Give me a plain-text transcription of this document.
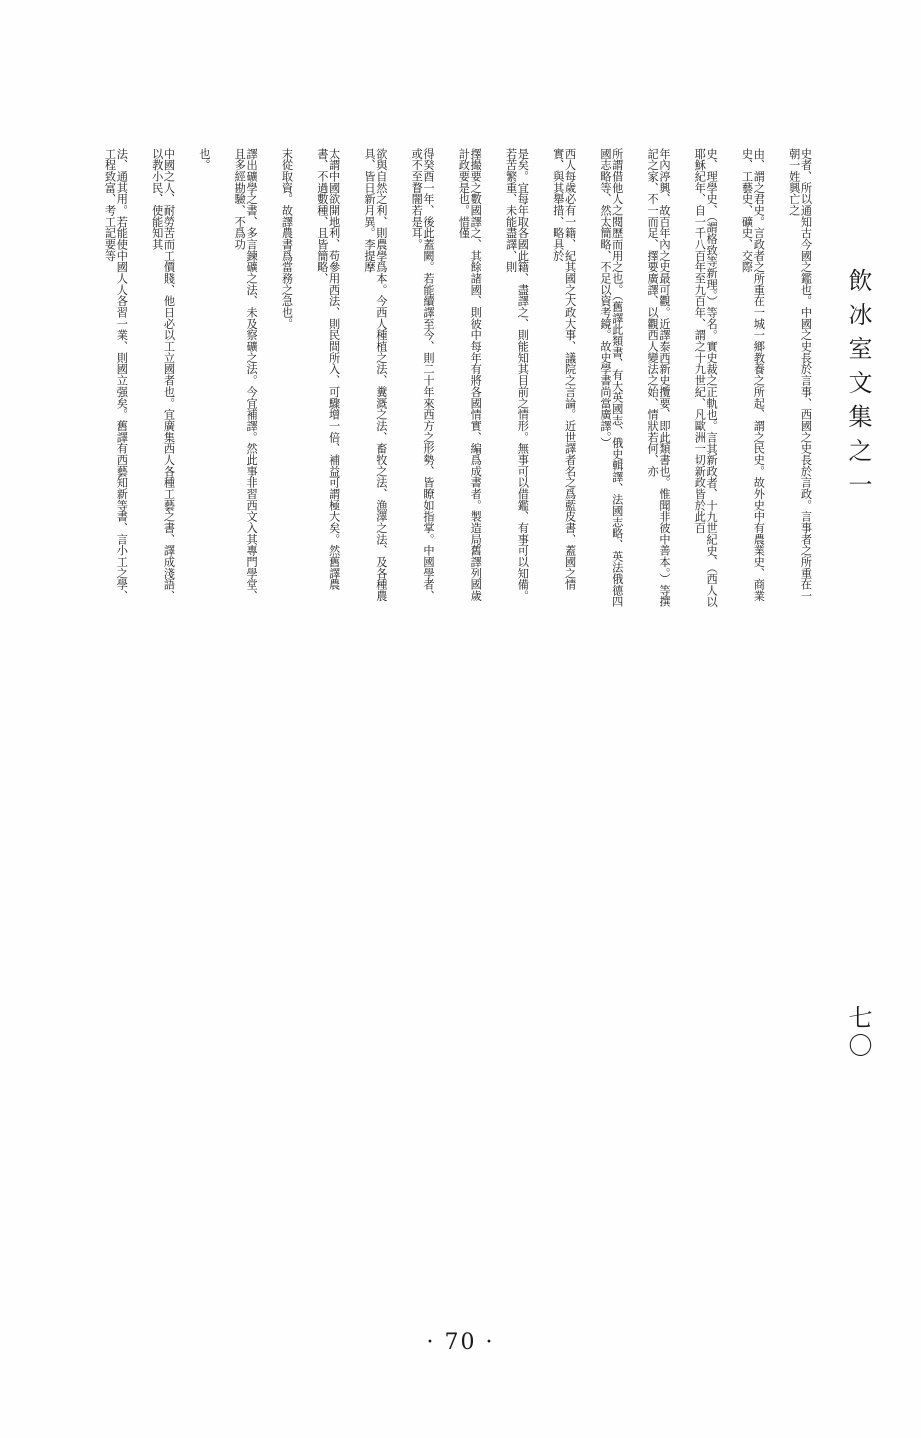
飲冰室文集之一
七〇

史者、所以通知古今國之鑑也。中國之史長於言事、西國之史長於言政。言事者之所重在一朝一姓興亡之

由、謂之君史。言政者之所重在一城一鄉教養之所起、謂之民史。故外史中有農業史、商業史、工藝史、礦史、交際

史、理學史、（謂格致等新理。）等名。實史裁之正軌也。言其新政者、十九世紀史、（西人以耶穌紀年、自一千八百年至九百年、謂之十九世紀、凡歐洲一切新政皆於此百

年內渟興、故百年內之史最可觀。近譯泰西新史攬要、即此類書也。惟聞非彼中善本。）等撰記之家、不一而足、擇要廣譯、以觀西人變法之始、情狀若何、亦

所謂借他人之閱歷而用之也。（舊譯此類書、有大英國志、俄史輯譯、法國志略、英法俄德四國志略等、然太簡略、不足以資考鏡。故史學書尚當廣譯。）

西人每歲必有一籍、紀其國之大政大事、議院之言論。近世譯者名之爲藍皮書、蓋國之情實、與其舉措、略具於

是矣。宜每年取各國此籍、盡譯之、則能知其目前之情形。無事可以借鑑、有事可以知備。若苦繁重、未能盡譯、則

擇撮要之數國譯之、其餘諸國、則彼中每年有將各國情實、編爲成書者。製造局舊譯列國歲計政要是也。惜僅

得癸酉一年、後此蓋闕。若能續譯至今、則二十年來西方之形勢、皆瞭如指掌。中國學者、或不至瞀闇若是耳。

欲與自然之利、則農學爲本。今西人種植之法、糞溉之法、畜牧之法、漁澤之法、及各種農具、皆日新月異。李提摩

太謂中國欲開地利、苟參用西法、則民間所入、可驟增一倍、補益可謂極大矣。然舊譯農書、不過數種、且皆簡略、

末從取資。故譯農書爲當務之急也。

譯出礦學之書、多言鍊礦之法、未及察礦之法。今宜補譯。然此事非習西文入其專門學堂、且多經勘驗、不爲功

也。

中國之人、耐勞苦而工價賤、他日必以工立國者也。宜廣集西人各種工藝之書、譯成淺語、以教小民、使能知其

法、通其用。若能使中國人人各習一業、則國立强矣。舊譯有西藝知新等書、言小工之學、工程致富、考工記要等

· 70 ·
